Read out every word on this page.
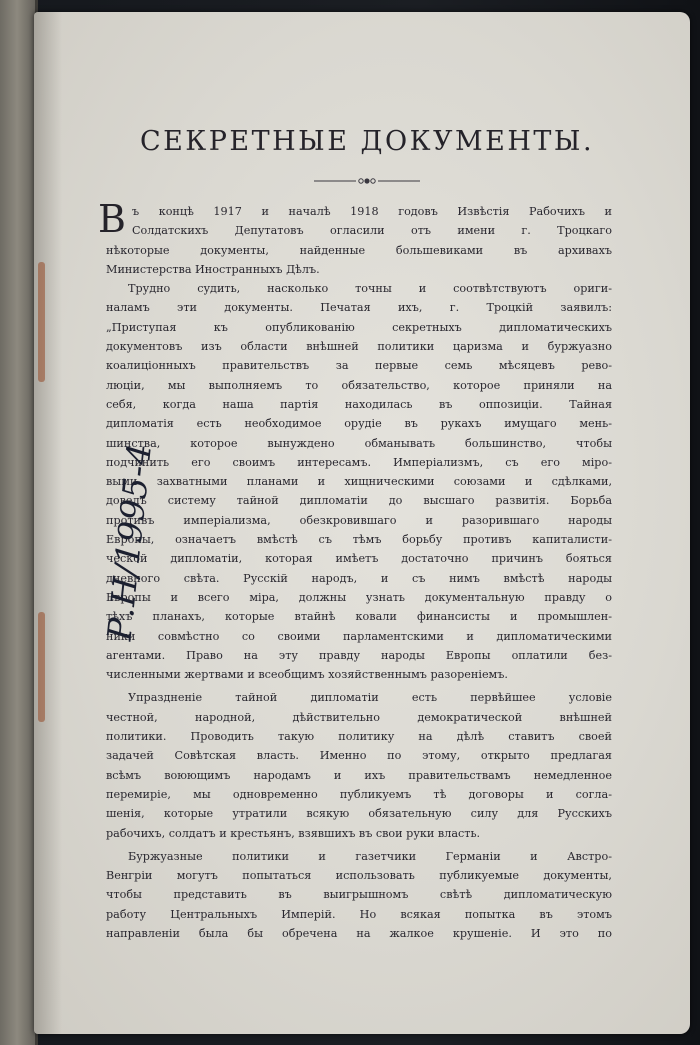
СЕКРЕТНЫЕ ДОКУМЕНТЫ.
В ъ концѣ 1917 и началѣ 1918 годовъ Извѣстія Рабочихъ и
Солдатскихъ Депутатовъ огласили отъ имени г. Троцкаго
нѣкоторые документы, найденные большевиками въ архивахъ
Министерства Иностранныхъ Дѣлъ.
Трудно судить, насколько точны и соотвѣтствуютъ ориги-
наламъ эти документы. Печатая ихъ, г. Троцкій заявилъ:
„Приступая къ опубликованію секретныхъ дипломатическихъ
документовъ изъ области внѣшней политики царизма и буржуазно
коалиціонныхъ правительствъ за первые семь мѣсяцевъ рево-
люціи, мы выполняемъ то обязательство, которое приняли на
себя, когда наша партія находилась въ оппозиціи. Тайная
дипломатія есть необходимое орудіе въ рукахъ имущаго мень-
шинства, которое вынуждено обманывать большинство, чтобы
подчинить его своимъ интересамъ. Имперіализмъ, съ его міро-
выми захватными планами и хищническими союзами и сдѣлками,
довелъ систему тайной дипломатіи до высшаго развитія. Борьба
противъ имперіализма, обезкровившаго и разорившаго народы
Европы, означаетъ вмѣстѣ съ тѣмъ борьбу противъ капиталисти-
ческой дипломатіи, которая имѣетъ достаточно причинъ бояться
дневного свѣта. Русскій народъ, и съ нимъ вмѣстѣ народы
Европы и всего міра, должны узнать документальную правду о
тѣхъ планахъ, которые втайнѣ ковали финансисты и промышлен-
ники совмѣстно со своими парламентскими и дипломатическими
агентами. Право на эту правду народы Европы оплатили без-
численными жертвами и всеобщимъ хозяйственнымъ разореніемъ.
Упраздненіе тайной дипломатіи есть первѣйшее условіе
честной, народной, дѣйствительно демократической внѣшней
политики. Проводить такую политику на дѣлѣ ставитъ своей
задачей Совѣтская власть. Именно по этому, открыто предлагая
всѣмъ воюющимъ народамъ и ихъ правительствамъ немедленное
перемиріе, мы одновременно публикуемъ тѣ договоры и согла-
шенія, которые утратили всякую обязательную силу для Русскихъ
рабочихъ, солдатъ и крестьянъ, взявшихъ въ свои руки власть.
Буржуазные политики и газетчики Германіи и Австро-
Венгріи могутъ попытаться использовать публикуемые документы,
чтобы представить въ выигрышномъ свѣтѣ дипломатическую
работу Центральныхъ Имперій. Но всякая попытка въ этомъ
направленіи была бы обречена на жалкое крушеніе. И это по
Р.Н/1995-4
